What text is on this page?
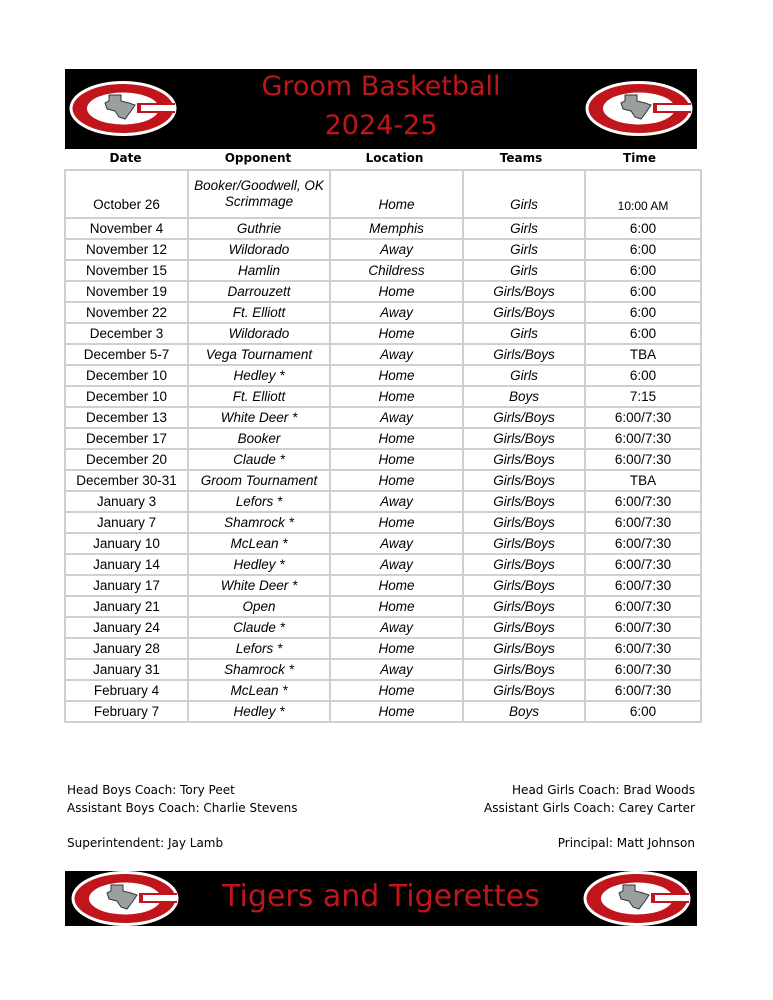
Groom Basketball
2024-25
Date	Opponent	Location	Teams	Time
October 26	Booker/Goodwell, OK Scrimmage	Home	Girls	10:00 AM
November 4	Guthrie	Memphis	Girls	6:00
November 12	Wildorado	Away	Girls	6:00
November 15	Hamlin	Childress	Girls	6:00
November 19	Darrouzett	Home	Girls/Boys	6:00
November 22	Ft. Elliott	Away	Girls/Boys	6:00
December 3	Wildorado	Home	Girls	6:00
December 5-7	Vega Tournament	Away	Girls/Boys	TBA
December 10	Hedley *	Home	Girls	6:00
December 10	Ft. Elliott	Home	Boys	7:15
December 13	White Deer *	Away	Girls/Boys	6:00/7:30
December 17	Booker	Home	Girls/Boys	6:00/7:30
December 20	Claude *	Home	Girls/Boys	6:00/7:30
December 30-31	Groom Tournament	Home	Girls/Boys	TBA
January 3	Lefors *	Away	Girls/Boys	6:00/7:30
January 7	Shamrock *	Home	Girls/Boys	6:00/7:30
January 10	McLean *	Away	Girls/Boys	6:00/7:30
January 14	Hedley *	Away	Girls/Boys	6:00/7:30
January 17	White Deer *	Home	Girls/Boys	6:00/7:30
January 21	Open	Home	Girls/Boys	6:00/7:30
January 24	Claude *	Away	Girls/Boys	6:00/7:30
January 28	Lefors *	Home	Girls/Boys	6:00/7:30
January 31	Shamrock *	Away	Girls/Boys	6:00/7:30
February 4	McLean *	Home	Girls/Boys	6:00/7:30
February 7	Hedley *	Home	Boys	6:00
Head Boys Coach: Tory Peet
Assistant Boys Coach: Charlie Stevens
Superintendent: Jay Lamb
Head Girls Coach: Brad Woods
Assistant Girls Coach: Carey Carter
Principal: Matt Johnson
Tigers and Tigerettes
